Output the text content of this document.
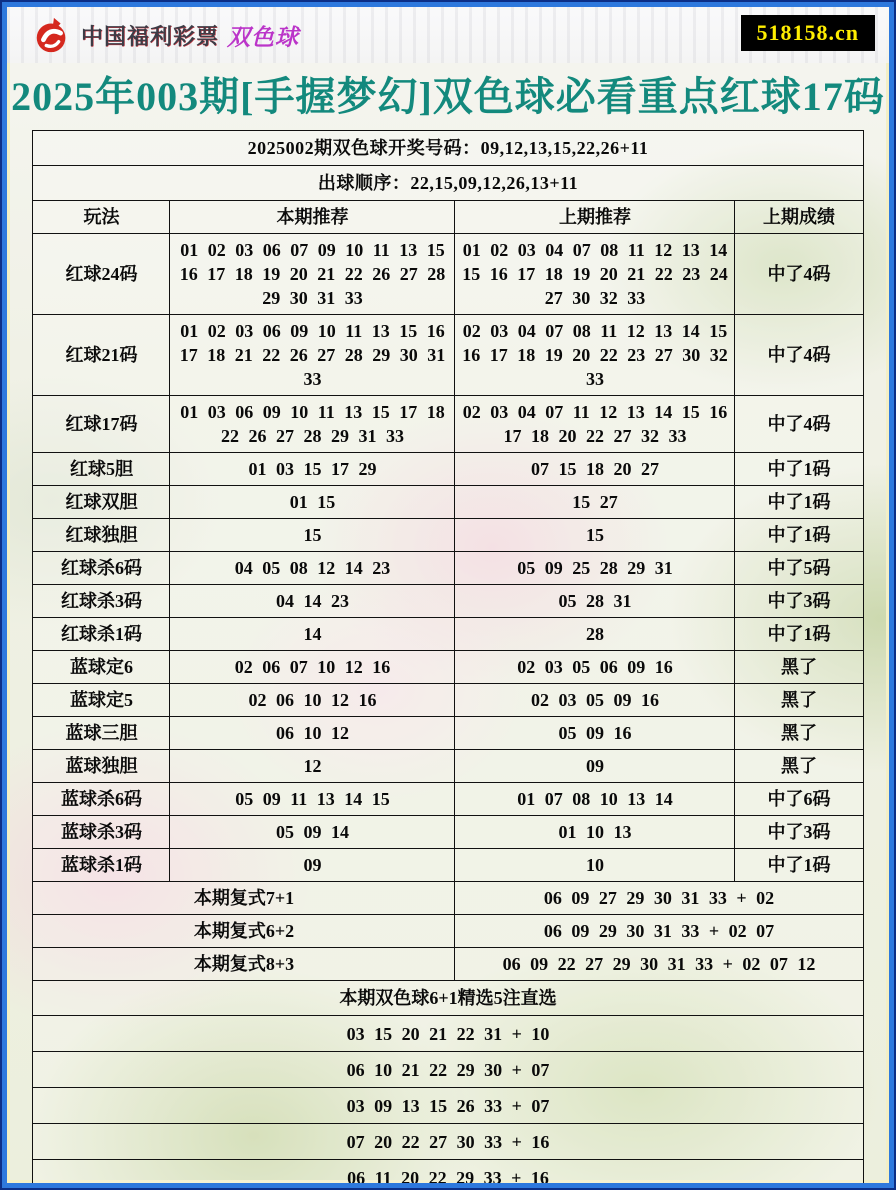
中国福利彩票 双色球	518158.cn
2025年003期[手握梦幻]双色球必看重点红球17码
2025002期双色球开奖号码：09,12,13,15,22,26+11			
出球顺序：22,15,09,12,26,13+11			
玩法	本期推荐	上期推荐	上期成绩
红球24码	01 02 03 06 07 09 10 11 13 15 16 17 18 19 20 21 22 26 27 28 29 30 31 33	01 02 03 04 07 08 11 12 13 14 15 16 17 18 19 20 21 22 23 24 27 30 32 33	中了4码
红球21码	01 02 03 06 09 10 11 13 15 16 17 18 21 22 26 27 28 29 30 31 33	02 03 04 07 08 11 12 13 14 15 16 17 18 19 20 22 23 27 30 32 33	中了4码
红球17码	01 03 06 09 10 11 13 15 17 18 22 26 27 28 29 31 33	02 03 04 07 11 12 13 14 15 16 17 18 20 22 27 32 33	中了4码
红球5胆	01 03 15 17 29	07 15 18 20 27	中了1码
红球双胆	01 15	15 27	中了1码
红球独胆	15	15	中了1码
红球杀6码	04 05 08 12 14 23	05 09 25 28 29 31	中了5码
红球杀3码	04 14 23	05 28 31	中了3码
红球杀1码	14	28	中了1码
蓝球定6	02 06 07 10 12 16	02 03 05 06 09 16	黑了
蓝球定5	02 06 10 12 16	02 03 05 09 16	黑了
蓝球三胆	06 10 12	05 09 16	黑了
蓝球独胆	12	09	黑了
蓝球杀6码	05 09 11 13 14 15	01 07 08 10 13 14	中了6码
蓝球杀3码	05 09 14	01 10 13	中了3码
蓝球杀1码	09	10	中了1码
本期复式7+1		06 09 27 29 30 31 33 + 02	
本期复式6+2		06 09 29 30 31 33 + 02 07	
本期复式8+3		06 09 22 27 29 30 31 33 + 02 07 12	
本期双色球6+1精选5注直选			
03 15 20 21 22 31 + 10			
06 10 21 22 29 30 + 07			
03 09 13 15 26 33 + 07			
07 20 22 27 30 33 + 16			
06 11 20 22 29 33 + 16			
